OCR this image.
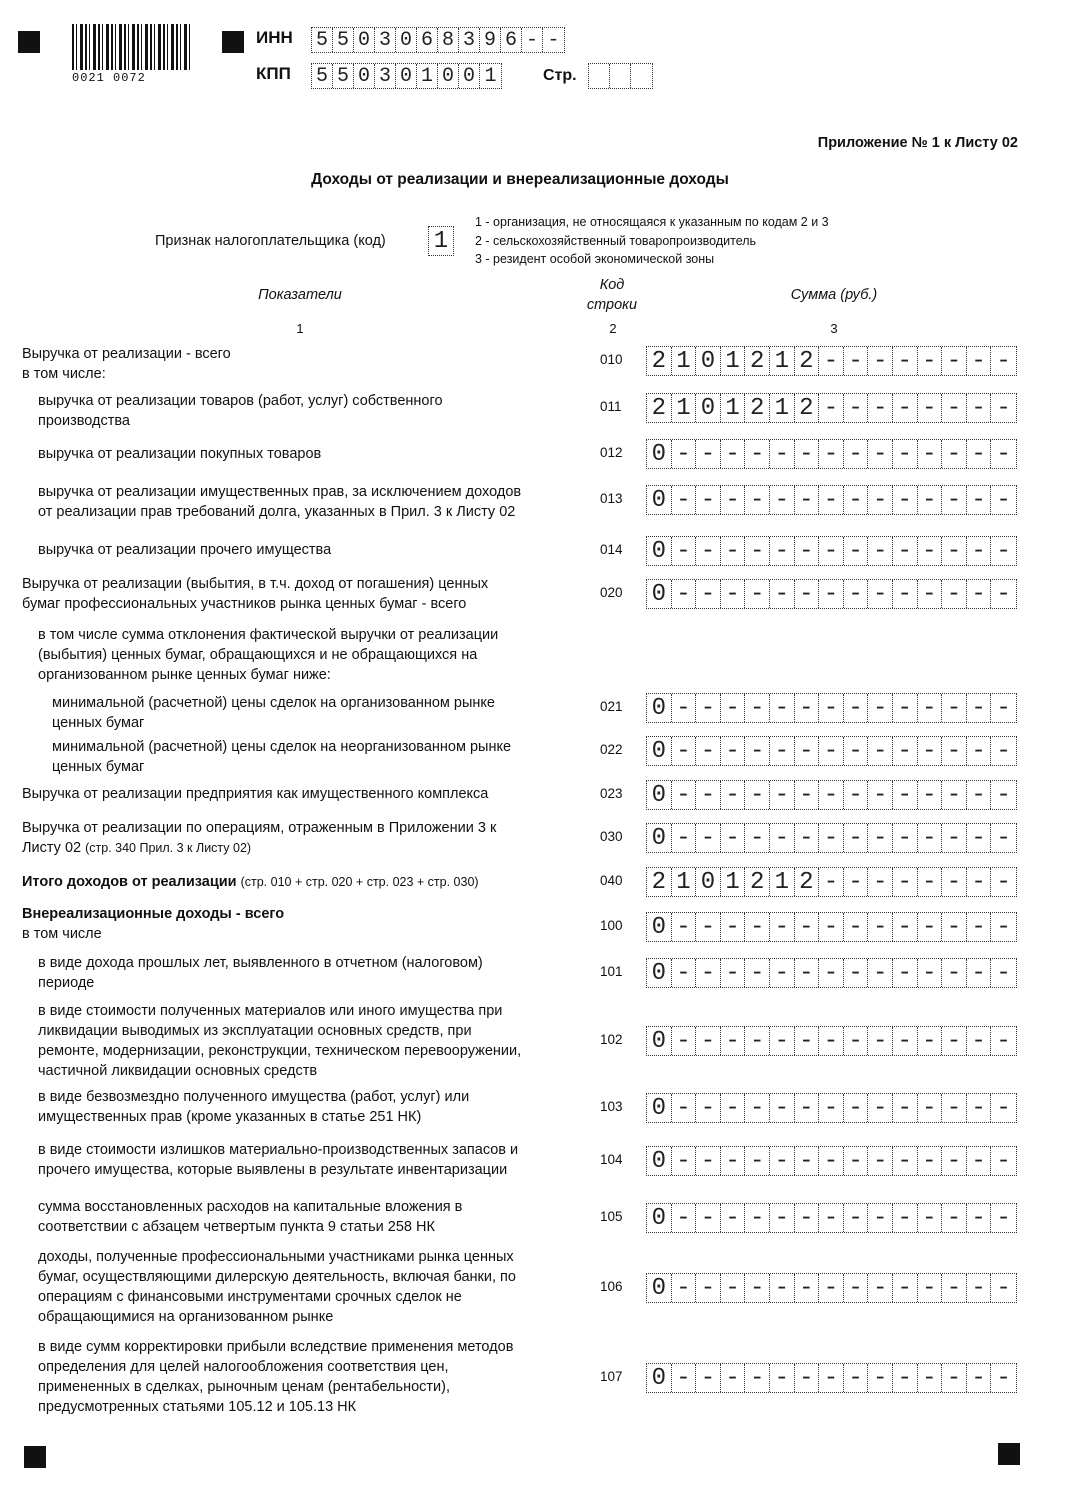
0021 0072
ИНН 5 5 0 3 0 6 8 3 9 6 - -
КПП 5 5 0 3 0 1 0 0 1	Стр.
Приложение № 1 к Листу 02
Доходы от реализации и внереализационные доходы
Признак налогоплательщика (код) 1
1 - организация, не относящаяся к указанным по кодам 2 и 3
2 - сельскохозяйственный товаропроизводитель
3 - резидент особой экономической зоны
Показатели
Код
строки
Сумма (руб.)
1	2	3
Выручка от реализации - всего
в том числе:
010 2 1 0 1 2 1 2 - - - - - - - -
выручка от реализации товаров (работ, услуг) собственного
производства
011 2 1 0 1 2 1 2 - - - - - - - -
выручка от реализации покупных товаров	012 0 - - - - - - - - - - - - - -
выручка от реализации имущественных прав, за исключением доходов
от реализации прав требований долга, указанных в Прил. 3 к Листу 02
013 0 - - - - - - - - - - - - - -
выручка от реализации прочего имущества	014 0 - - - - - - - - - - - - - -
Выручка от реализации (выбытия, в т.ч. доход от погашения) ценных
бумаг профессиональных участников рынка ценных бумаг - всего
020 0 - - - - - - - - - - - - - -
в том числе сумма отклонения фактической выручки от реализации
(выбытия) ценных бумаг, обращающихся и не обращающихся на
организованном рынке ценных бумаг ниже:
минимальной (расчетной) цены сделок на организованном рынке
ценных бумаг
021 0 - - - - - - - - - - - - - -
минимальной (расчетной) цены сделок на неорганизованном рынке
ценных бумаг
022 0 - - - - - - - - - - - - - -
Выручка от реализации предприятия как имущественного комплекса	023 0 - - - - - - - - - - - - - -
Выручка от реализации по операциям, отраженным в Приложении 3 к
Листу 02 (стр. 340 Прил. 3 к Листу 02)
030 0 - - - - - - - - - - - - - -
Итого доходов от реализации (стр. 010 + стр. 020 + стр. 023 + стр. 030)	040 2 1 0 1 2 1 2 - - - - - - - -
Внереализационные доходы - всего
в том числе
100 0 - - - - - - - - - - - - - -
в виде дохода прошлых лет, выявленного в отчетном (налоговом)
периоде
101 0 - - - - - - - - - - - - - -
в виде стоимости полученных материалов или иного имущества при
ликвидации выводимых из эксплуатации основных средств, при
ремонте, модернизации, реконструкции, техническом перевооружении,
частичной ликвидации основных средств
102 0 - - - - - - - - - - - - - -
в виде безвозмездно полученного имущества (работ, услуг) или
имущественных прав (кроме указанных в статье 251 НК)
103 0 - - - - - - - - - - - - - -
в виде стоимости излишков материально-производственных запасов и
прочего имущества, которые выявлены в результате инвентаризации
104 0 - - - - - - - - - - - - - -
сумма восстановленных расходов на капитальные вложения в
соответствии с абзацем четвертым пункта 9 статьи 258 НК
105 0 - - - - - - - - - - - - - -
доходы, полученные профессиональными участниками рынка ценных
бумаг, осуществляющими дилерскую деятельность, включая банки, по
операциям с финансовыми инструментами срочных сделок не
обращающимися на организованном рынке
106 0 - - - - - - - - - - - - - -
в виде сумм корректировки прибыли вследствие применения методов
определения для целей налогообложения соответствия цен,
примененных в сделках, рыночным ценам (рентабельности),
предусмотренных статьями 105.12 и 105.13 НК
107 0 - - - - - - - - - - - - - -
